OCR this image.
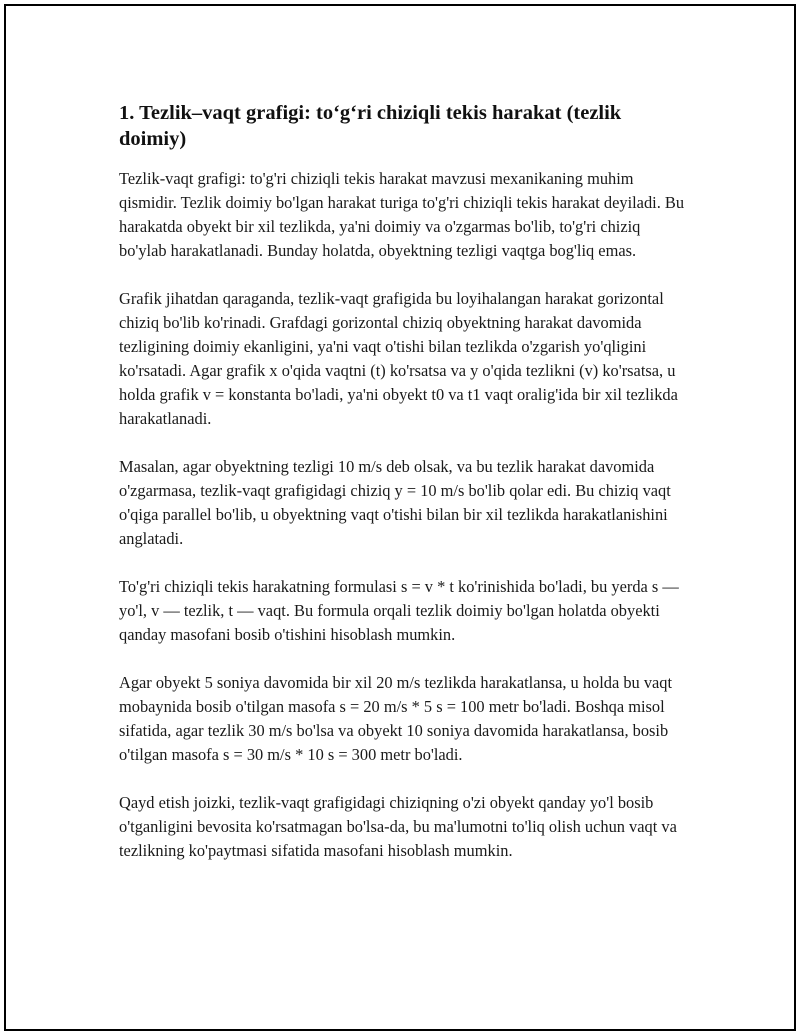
1. Tezlik–vaqt grafigi: to‘g‘ri chiziqli tekis harakat (tezlik doimiy)

Tezlik-vaqt grafigi: to'g'ri chiziqli tekis harakat mavzusi mexanikaning muhim qismidir. Tezlik doimiy bo'lgan harakat turiga to'g'ri chiziqli tekis harakat deyiladi. Bu harakatda obyekt bir xil tezlikda, ya'ni doimiy va o'zgarmas bo'lib, to'g'ri chiziq bo'ylab harakatlanadi. Bunday holatda, obyektning tezligi vaqtga bog'liq emas.

Grafik jihatdan qaraganda, tezlik-vaqt grafigida bu loyihalangan harakat gorizontal chiziq bo'lib ko'rinadi. Grafdagi gorizontal chiziq obyektning harakat davomida tezligining doimiy ekanligini, ya'ni vaqt o'tishi bilan tezlikda o'zgarish yo'qligini ko'rsatadi. Agar grafik x o'qida vaqtni (t) ko'rsatsa va y o'qida tezlikni (v) ko'rsatsa, u holda grafik v = konstanta bo'ladi, ya'ni obyekt t0 va t1 vaqt oralig'ida bir xil tezlikda harakatlanadi.

Masalan, agar obyektning tezligi 10 m/s deb olsak, va bu tezlik harakat davomida o'zgarmasa, tezlik-vaqt grafigidagi chiziq y = 10 m/s bo'lib qolar edi. Bu chiziq vaqt o'qiga parallel bo'lib, u obyektning vaqt o'tishi bilan bir xil tezlikda harakatlanishini anglatadi.

To'g'ri chiziqli tekis harakatning formulasi s = v * t ko'rinishida bo'ladi, bu yerda s — yo'l, v — tezlik, t — vaqt. Bu formula orqali tezlik doimiy bo'lgan holatda obyekti qanday masofani bosib o'tishini hisoblash mumkin.

Agar obyekt 5 soniya davomida bir xil 20 m/s tezlikda harakatlansa, u holda bu vaqt mobaynida bosib o'tilgan masofa s = 20 m/s * 5 s = 100 metr bo'ladi. Boshqa misol sifatida, agar tezlik 30 m/s bo'lsa va obyekt 10 soniya davomida harakatlansa, bosib o'tilgan masofa s = 30 m/s * 10 s = 300 metr bo'ladi.

Qayd etish joizki, tezlik-vaqt grafigidagi chiziqning o'zi obyekt qanday yo'l bosib o'tganligini bevosita ko'rsatmagan bo'lsa-da, bu ma'lumotni to'liq olish uchun vaqt va tezlikning ko'paytmasi sifatida masofani hisoblash mumkin.
